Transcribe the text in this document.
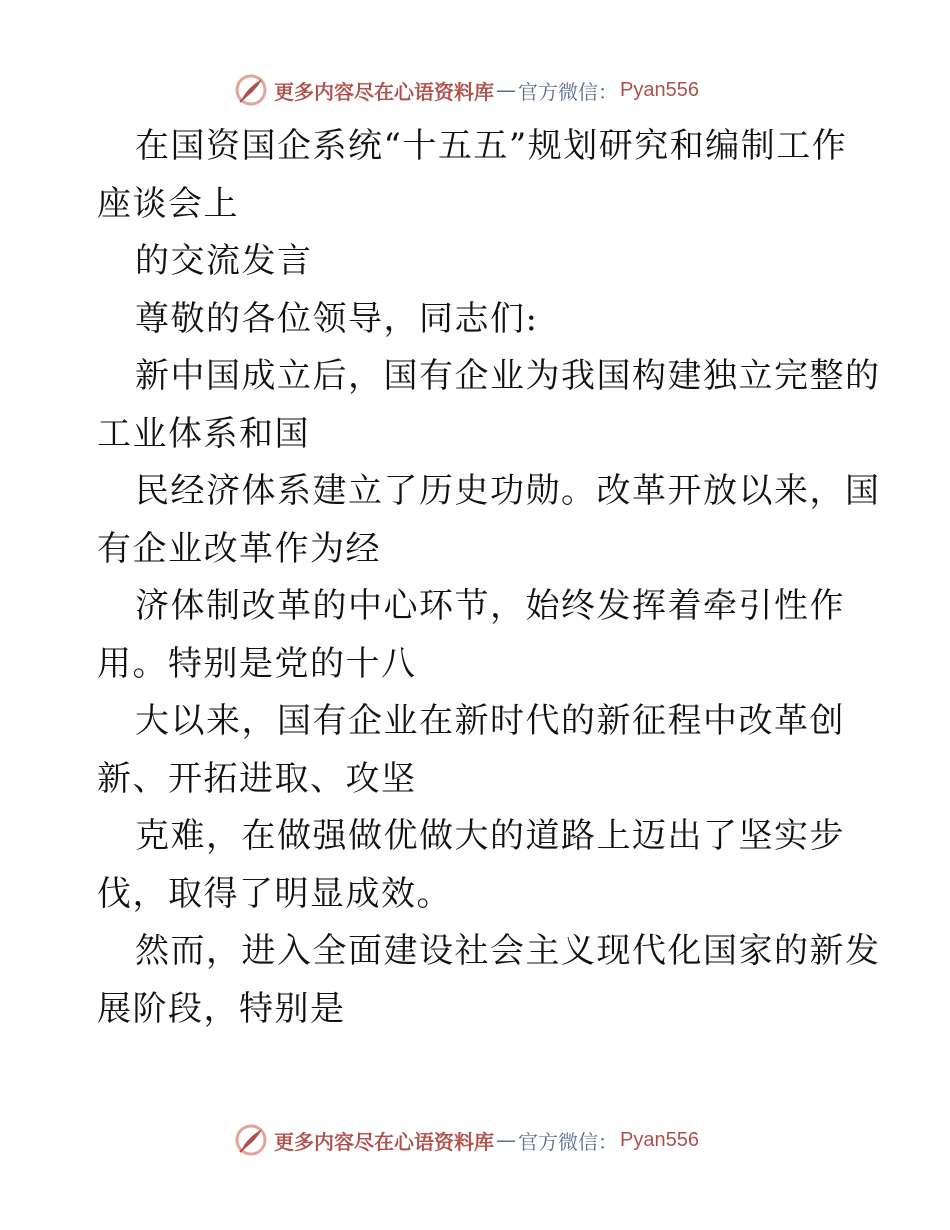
更多内容尽在心语资料库 — 官方微信： Pyan556
在国资国企系统“十五五”规划研究和编制工作
座谈会上
的交流发言
尊敬的各位领导，同志们:
新中国成立后，国有企业为我国构建独立完整的
工业体系和国
民经济体系建立了历史功勋。改革开放以来，国
有企业改革作为经
济体制改革的中心环节，始终发挥着牵引性作
用。特别是党的十八
大以来，国有企业在新时代的新征程中改革创
新、开拓进取、攻坚
克难，在做强做优做大的道路上迈出了坚实步
伐，取得了明显成效。
然而，进入全面建设社会主义现代化国家的新发
展阶段，特别是
更多内容尽在心语资料库 — 官方微信： Pyan556
